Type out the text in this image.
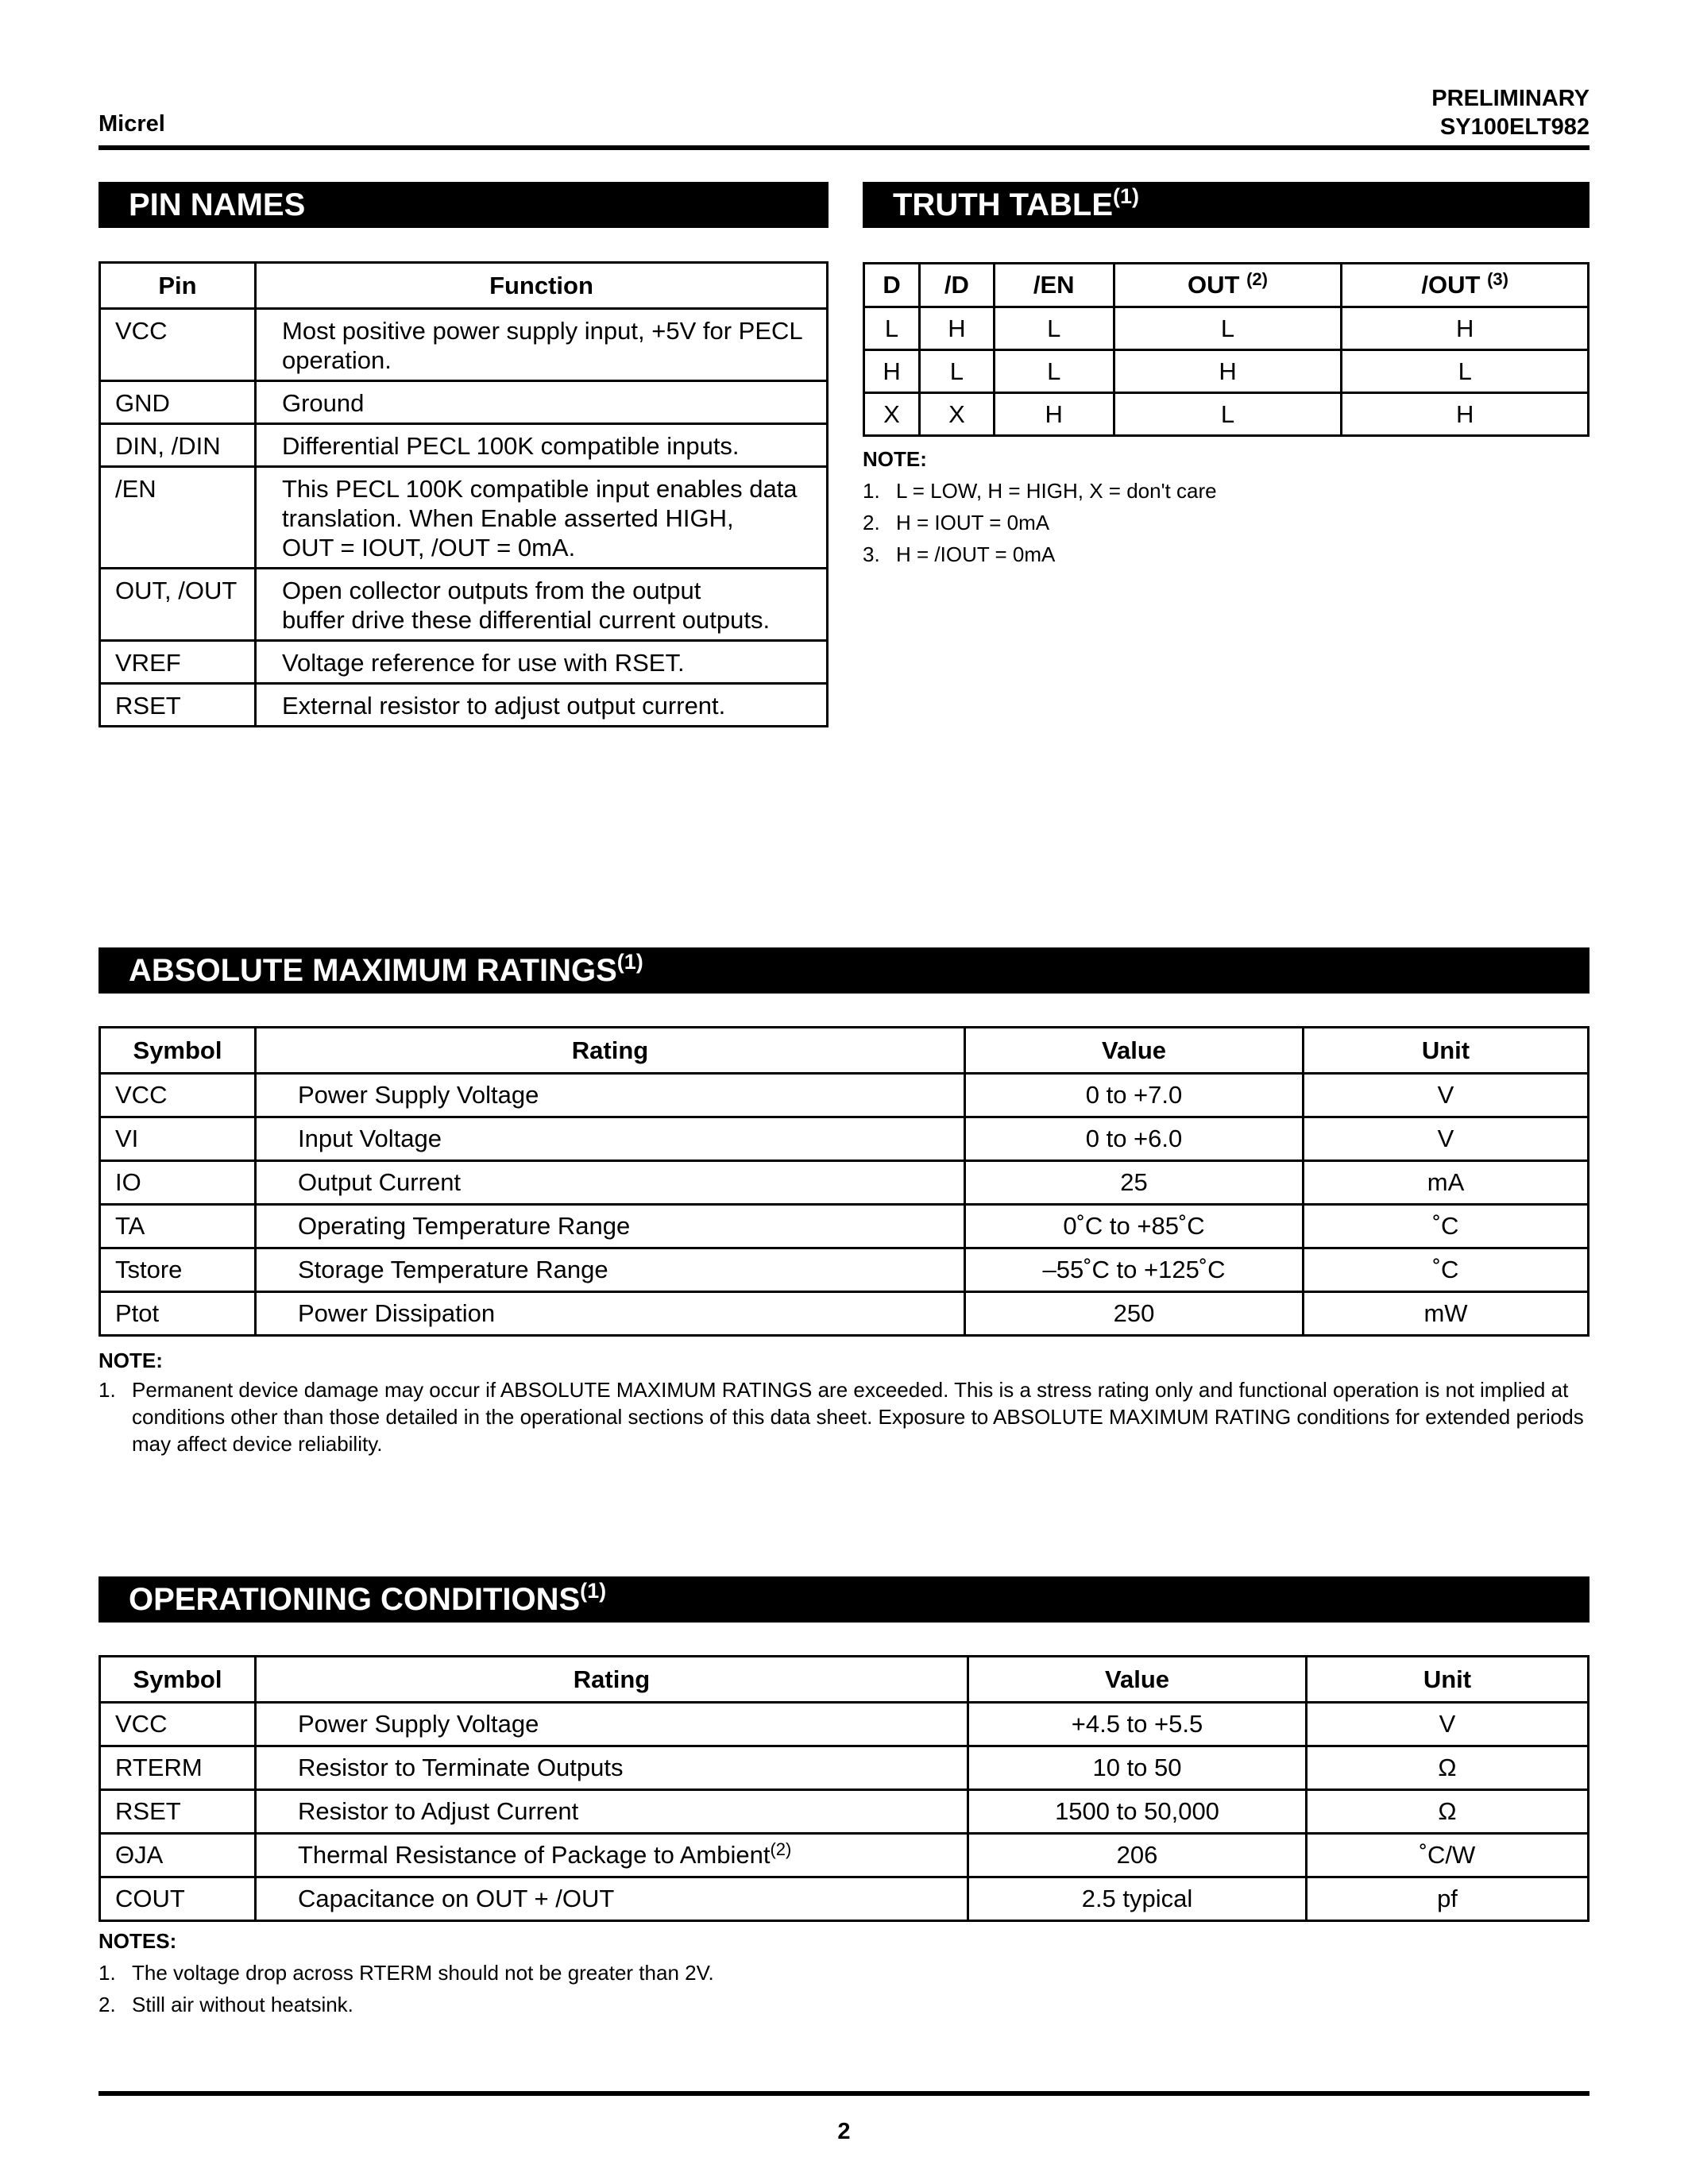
Micrel
PRELIMINARY
SY100ELT982
PIN NAMES
Pin	Function

VCC	Most positive power supply input, +5V for PECL
operation.

GND	Ground

DIN, /DIN	Differential PECL 100K compatible inputs.

/EN	This PECL 100K compatible input enables data
translation. When Enable asserted HIGH,
OUT = IOUT, /OUT = 0mA.

OUT, /OUT	Open collector outputs from the output
buffer drive these differential current outputs.

VREF	Voltage reference for use with RSET.

RSET	External resistor to adjust output current.
TRUTH TABLE$^{(1)}$
D	/D	/EN	OUT $^{(2)}$	/OUT $^{(3)}$
L	H	L	L	H
H	L	L	H	L
X	X	H	L	H
NOTE:
1. L = LOW, H = HIGH, X = don't care
2. H = IOUT = 0mA
3. H = /IOUT = 0mA
ABSOLUTE MAXIMUM RATINGS$^{(1)}$
Symbol	Rating	Value	Unit
VCC	Power Supply Voltage	0 to +7.0	V
VI	Input Voltage	0 to +6.0	V
IO	Output Current	25	mA
TA	Operating Temperature Range	0˚C to +85˚C	˚C
Tstore	Storage Temperature Range	–55˚C to +125˚C	˚C
Ptot	Power Dissipation	250	mW
NOTE:
1. Permanent device damage may occur if ABSOLUTE MAXIMUM RATINGS are exceeded. This is a stress rating only and functional operation is not implied at conditions other than those detailed in the operational sections of this data sheet. Exposure to ABSOLUTE MAXIMUM RATING conditions for extended periods may affect device reliability.
OPERATIONING CONDITIONS$^{(1)}$
Symbol	Rating	Value	Unit
VCC	Power Supply Voltage	+4.5 to +5.5	V
RTERM	Resistor to Terminate Outputs	10 to 50	Ω
RSET	Resistor to Adjust Current	1500 to 50,000	Ω
ΘJA	Thermal Resistance of Package to Ambient$^{(2)}$	206	˚C/W
COUT	Capacitance on OUT + /OUT	2.5 typical	pf
NOTES:
1. The voltage drop across RTERM should not be greater than 2V.
2. Still air without heatsink.
2
